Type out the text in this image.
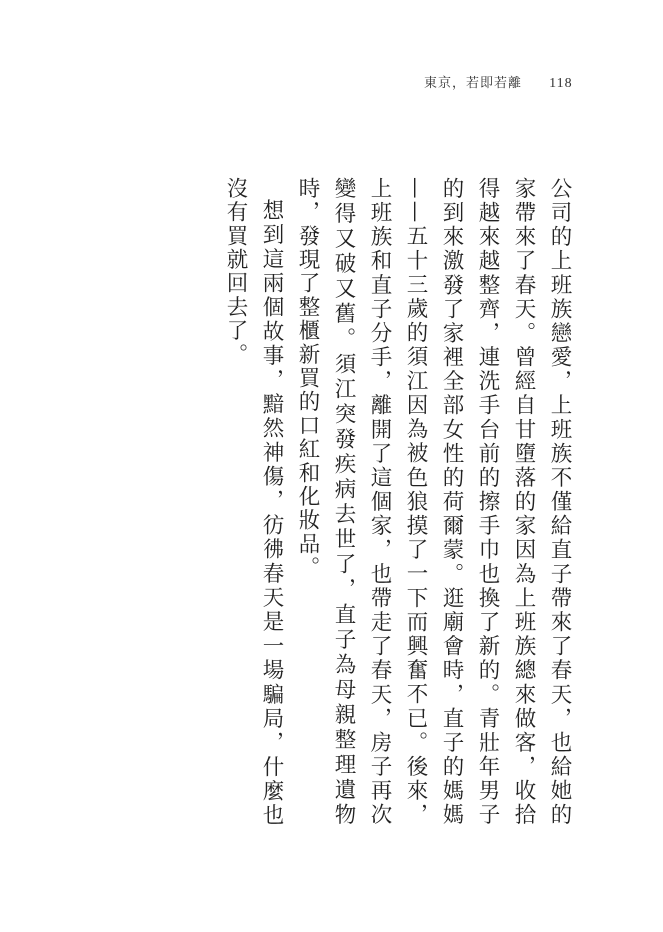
東京，若即若離 118

公司的上班族戀愛，上班族不僅給直子帶來了春天，也給她的家帶來了春天。曾經自甘墮落的家因為上班族總來做客，收拾得越來越整齊，連洗手台前的擦手巾也換了新的。青壯年男子的到來激發了家裡全部女性的荷爾蒙。逛廟會時，直子的媽媽——五十三歲的須江因為被色狼摸了一下而興奮不已。後來，上班族和直子分手，離開了這個家，也帶走了春天，房子再次變得又破又舊。須江突發疾病去世了，直子為母親整理遺物時，發現了整櫃新買的口紅和化妝品。

想到這兩個故事，黯然神傷，彷彿春天是一場騙局，什麼也沒有買就回去了。
